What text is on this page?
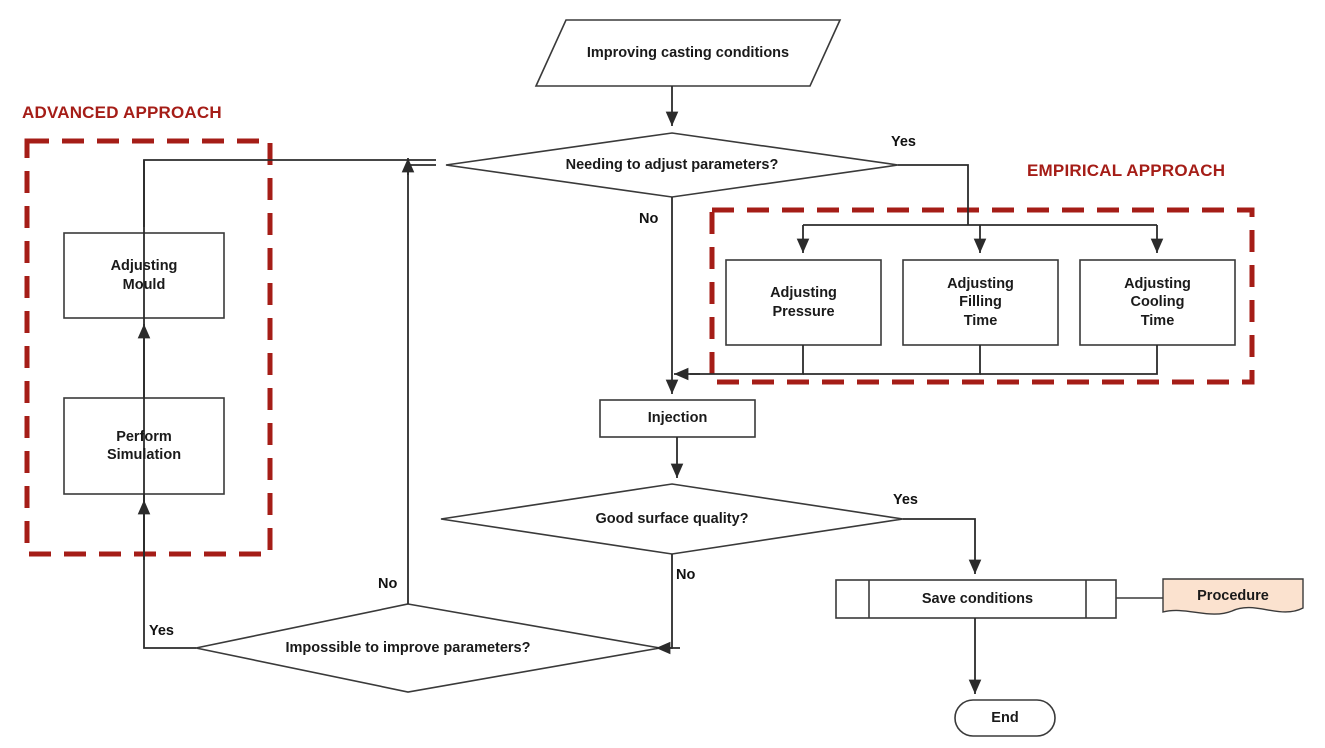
ADVANCED APPROACH
EMPIRICAL APPROACH
Improving casting conditions
Needing to adjust parameters?
Adjusting
Mould
Perform
Simulation
Adjusting
Pressure
Adjusting
Filling
Time
Adjusting
Cooling
Time
Injection
Good surface quality?
Impossible to improve parameters?
Save conditions	Procedure
End
Yes
No
Yes
No
No
Yes
